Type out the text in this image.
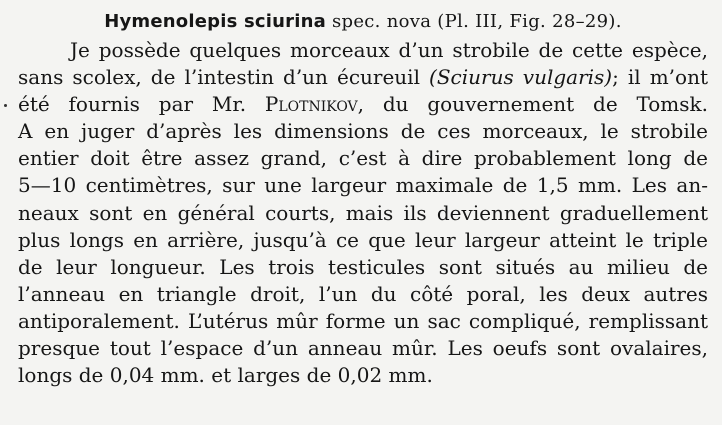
Hymenolepis sciurina spec. nova (Pl. III, Fig. 28–29).
Je possède quelques morceaux d’un strobile de cette espèce,
sans scolex, de l’intestin d’un écureuil (Sciurus vulgaris); il m’ont
été fournis par Mr. Plotnikov, du gouvernement de Tomsk.
A en juger d’après les dimensions de ces morceaux, le strobile
entier doit être assez grand, c’est à dire probablement long de
5—10 centimètres, sur une largeur maximale de 1,5 mm. Les an-
neaux sont en général courts, mais ils deviennent graduellement
plus longs en arrière, jusqu’à ce que leur largeur atteint le triple
de leur longueur. Les trois testicules sont situés au milieu de
l’anneau en triangle droit, l’un du côté poral, les deux autres
antiporalement. L’utérus mûr forme un sac compliqué, remplissant
presque tout l’espace d’un anneau mûr. Les oeufs sont ovalaires,
longs de 0,04 mm. et larges de 0,02 mm.
